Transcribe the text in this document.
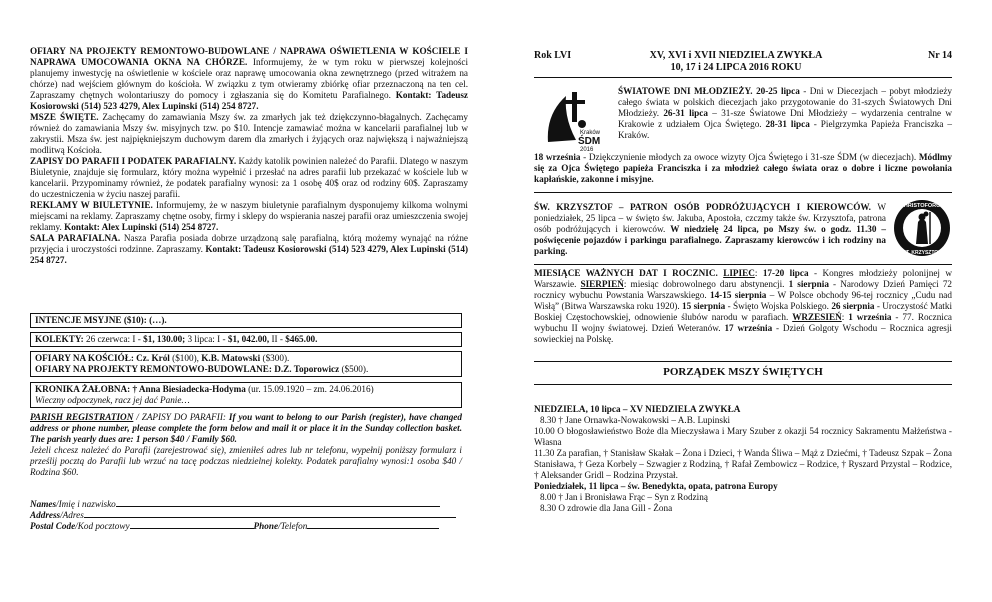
OFIARY NA PROJEKTY REMONTOWO-BUDOWLANE / NAPRAWA OŚWIETLENIA W KOŚCIELE I NAPRAWA UMOCOWANIA OKNA NA CHÓRZE. Informujemy, że w tym roku w pierwszej kolejności planujemy inwestycję na oświetlenie w kościele oraz naprawę umocowania okna zewnętrznego (przed witrażem na chórze) nad wejściem głównym do kościoła. W związku z tym otwieramy zbiórkę ofiar przeznaczoną na ten cel. Zapraszamy chętnych wolontariuszy do pomocy i zgłaszania się do Komitetu Parafialnego. Kontakt: Tadeusz Kosiorowski (514) 523 4279, Alex Lupinski (514) 254 8727.

MSZE ŚWIĘTE. Zachęcamy do zamawiania Mszy św. za zmarłych jak też dziękczynno-błagalnych. Zachęcamy również do zamawiania Mszy św. misyjnych tzw. po $10. Intencje zamawiać można w kancelarii parafialnej lub w zakrystii. Msza św. jest najpiękniejszym duchowym darem dla zmarłych i żyjących oraz największą i najważniejszą modlitwą Kościoła.

ZAPISY DO PARAFII I PODATEK PARAFIALNY. Każdy katolik powinien należeć do Parafii. Dlatego w naszym Biuletynie, znajduje się formularz, który można wypełnić i przesłać na adres parafii lub przekazać w kościele lub w kancelarii. Przypominamy również, że podatek parafialny wynosi: za 1 osobę 40$ oraz od rodziny 60$. Zapraszamy do uczestniczenia w życiu naszej parafii.

REKLAMY W BIULETYNIE. Informujemy, że w naszym biuletynie parafialnym dysponujemy kilkoma wolnymi miejscami na reklamy. Zapraszamy chętne osoby, firmy i sklepy do wspierania naszej parafii oraz umieszczenia swojej reklamy. Kontakt: Alex Lupinski (514) 254 8727.

SALA PARAFIALNA. Nasza Parafia posiada dobrze urządzoną salę parafialną, którą możemy wynająć na różne przyjęcia i uroczystości rodzinne. Zapraszamy. Kontakt: Tadeusz Kosiorowski (514) 523 4279, Alex Lupinski (514) 254 8727.

INTENCJE MSYJNE ($10): (…).
KOLEKTY: 26 czerwca: I - $1, 130.00; 3 lipca: I - $1, 042.00, II - $465.00.
OFIARY NA KOŚCIÓŁ: Cz. Król ($100), K.B. Matowski ($300).
OFIARY NA PROJEKTY REMONTOWO-BUDOWLANE: D.Z. Toporowicz ($500).
KRONIKA ŻAŁOBNA: † Anna Biesiadecka-Hodyma (ur. 15.09.1920 – zm. 24.06.2016)
Wieczny odpoczynek, racz jej dać Panie…

PARISH REGISTRATION / ZAPISY DO PARAFII: If you want to belong to our Parish (register), have changed address or phone number, please complete the form below and mail it or place it in the Sunday collection basket. The parish yearly dues are: 1 person $40 / Family $60.

Jeżeli chcesz należeć do Parafii (zarejestrować się), zmieniłeś adres lub nr telefonu, wypełnij poniższy formularz i prześlij pocztą do Parafii lub wrzuć na tacę podczas niedzielnej kolekty. Podatek parafialny wynosi:1 osoba $40 / Rodzina $60.

Names/Imię i nazwisko
Address/Adres
Postal Code/Kod pocztowy	Phone/Telefon
Rok LVI	XV, XVI i XVII NIEDZIELA ZWYKŁA
10, 17 i 24 LIPCA 2016 ROKU
Nr 14
Kraków
ŚDM
2016

ŚWIATOWE DNI MŁODZIEŻY. 20-25 lipca - Dni w Diecezjach – pobyt młodzieży całego świata w polskich diecezjach jako przygotowanie do 31-szych Światowych Dni Młodzieży. 26-31 lipca – 31-sze Światowe Dni Młodzieży – wydarzenia centralne w Krakowie z udziałem Ojca Świętego. 28-31 lipca - Pielgrzymka Papieża Franciszka – Kraków.

18 września - Dziękczynienie młodych za owoce wizyty Ojca Świętego i 31-sze ŚDM (w diecezjach). Módlmy się za Ojca Świętego papieża Franciszka i za młodzież całego świata oraz o dobre i liczne powołania kapłańskie, zakonne i misyjne.

ŚW. KRZYSZTOF – PATRON OSÓB PODRÓŻUJĄCYCH I KIEROWCÓW. W poniedziałek, 25 lipca – w święto św. Jakuba, Apostoła, czczmy także św. Krzysztofa, patrona osób podróżujących i kierowców. W niedzielę 24 lipca, po Mszy św. o godz. 11.30 – poświęcenie pojazdów i parkingu parafialnego. Zapraszamy kierowców i ich rodziny na parking.

CHRISTOFOROS
ST. KRZYSZTOF

MIESIĄCE WAŻNYCH DAT I ROCZNIC. LIPIEC: 17-20 lipca - Kongres młodzieży polonijnej w Warszawie. SIERPIEŃ: miesiąc dobrowolnego daru abstynencji. 1 sierpnia - Narodowy Dzień Pamięci 72 rocznicy wybuchu Powstania Warszawskiego. 14-15 sierpnia – W Polsce obchody 96-tej rocznicy „Cudu nad Wisłą” (Bitwa Warszawska roku 1920). 15 sierpnia - Święto Wojska Polskiego. 26 sierpnia - Uroczystość Matki Boskiej Częstochowskiej, odnowienie ślubów narodu w parafiach. WRZESIEŃ: 1 września - 77. Rocznica wybuchu II wojny światowej. Dzień Weteranów. 17 września - Dzień Golgoty Wschodu – Rocznica agresji sowieckiej na Polskę.

PORZĄDEK MSZY ŚWIĘTYCH
NIEDZIELA, 10 lipca – XV NIEDZIELA ZWYKŁA
8.30 † Jane Ornawka-Nowakowski – A.B. Lupinski
10.00 O błogosławieństwo Boże dla Mieczysława i Mary Szuber z okazji 54 rocznicy Sakramentu Małżeństwa - Własna
11.30 Za parafian, † Stanisław Skałak – Żona i Dzieci, † Wanda Śliwa – Mąż z Dziećmi, † Tadeusz Szpak – Żona Stanisława, † Geza Korbely – Szwagier z Rodziną, † Rafał Zembowicz – Rodzice, † Ryszard Przystal – Rodzice, † Aleksander Gridl – Rodzina Przystał.
Poniedziałek, 11 lipca – św. Benedykta, opata, patrona Europy
8.00 † Jan i Bronisława Frąc – Syn z Rodziną
8.30 O zdrowie dla Jana Gill - Żona
